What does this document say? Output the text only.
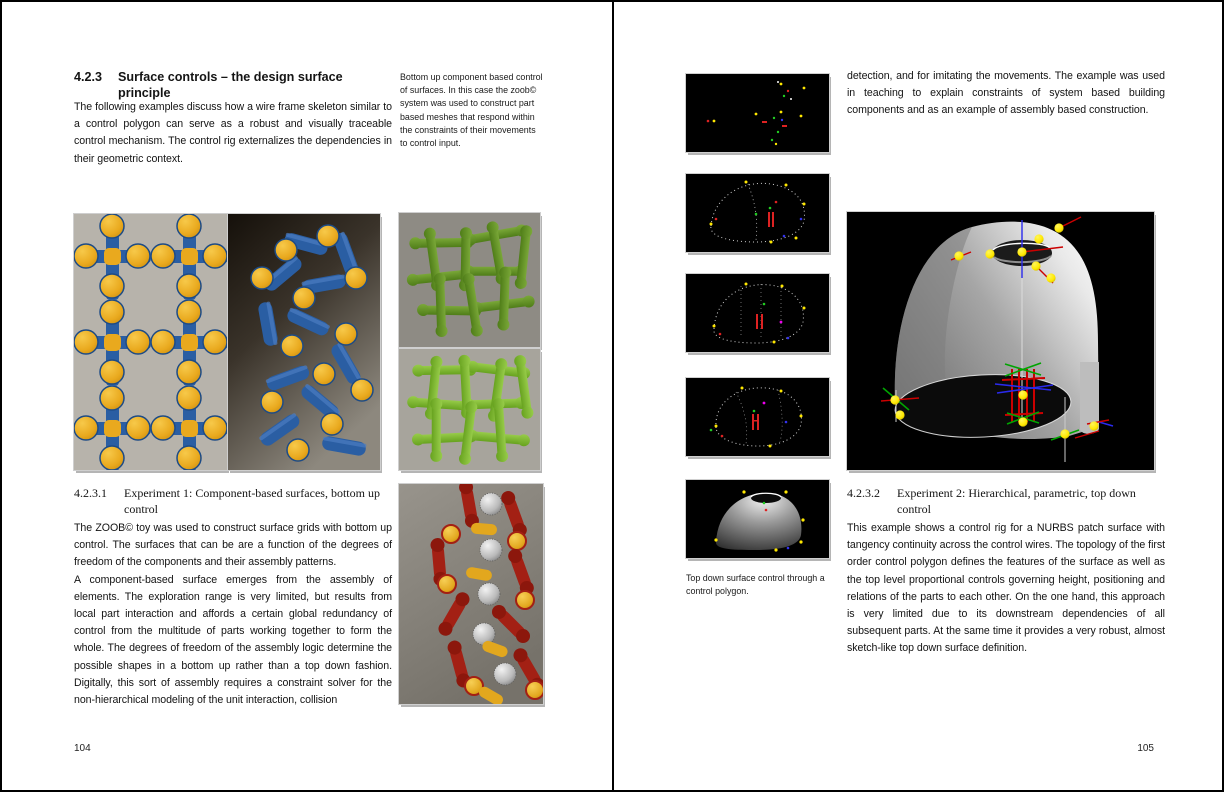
4.2.3	Surface controls – the design surface principle
The following examples discuss how a wire frame skeleton similar to a control polygon can serve as a robust and visually traceable control mechanism. The control rig externalizes the dependencies in their geometric context.
Bottom up component based control of surfaces. In this case the zoob© system was used to construct part based meshes that respond within the constraints of their movements to control input.
4.2.3.1	Experiment 1: Component-based surfaces, bottom up control

The ZOOB© toy was used to construct surface grids with bottom up control. The surfaces that can be are a function of the degrees of freedom of the components and their assembly patterns.

A component-based surface emerges from the assembly of elements. The exploration range is very limited, but results from local part interaction and affords a certain global redundancy of control from the multitude of parts working together to form the whole. The degrees of freedom of the assembly logic determine the possible shapes in a bottom up rather than a top down fashion. Digitally, this sort of assembly requires a constraint solver for the non-hierarchical modeling of the unit interaction, collision

104
detection, and for imitating the movements. The example was used in teaching to explain constraints of system based building components and as an example of assembly based construction.
4.2.3.2	Experiment 2: Hierarchical, parametric, top down control
This example shows a control rig for a NURBS patch surface with tangency continuity across the control wires. The topology of the first order control polygon defines the features of the surface as well as the top level proportional controls governing height, positioning and relations of the parts to each other. On the one hand, this approach is very limited due to its downstream dependencies of all subsequent parts. At the same time it provides a very robust, almost sketch-like top down surface definition.
Top down surface control through a control polygon.
105
